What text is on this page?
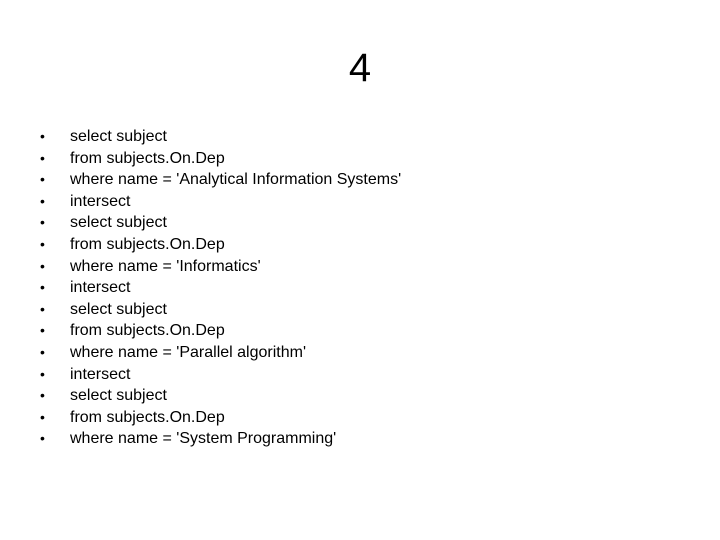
4
•	select subject
•	from subjects.On.Dep
•	where name = 'Analytical Information Systems'
•	intersect
•	select subject
•	from subjects.On.Dep
•	where name = 'Informatics'
•	intersect
•	select subject
•	from subjects.On.Dep
•	where name = 'Parallel algorithm'
•	intersect
•	select subject
•	from subjects.On.Dep
•	where name = 'System Programming'
